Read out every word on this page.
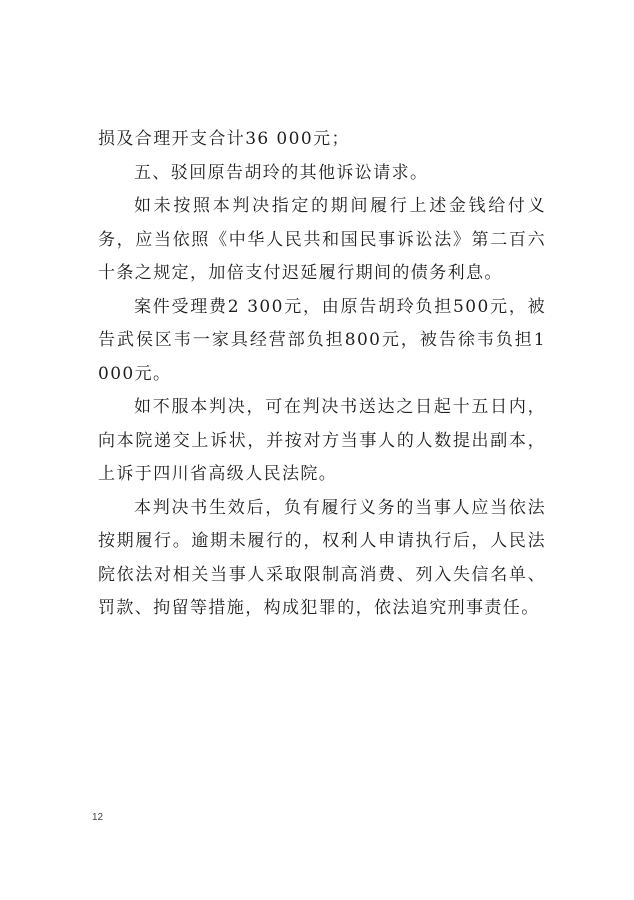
损及合理开支合计36 000元；

五、驳回原告胡玲的其他诉讼请求。

如未按照本判决指定的期间履行上述金钱给付义务，应当依照《中华人民共和国民事诉讼法》第二百六十条之规定，加倍支付迟延履行期间的债务利息。

案件受理费2 300元，由原告胡玲负担500元，被告武侯区韦一家具经营部负担800元，被告徐韦负担1 000元。

如不服本判决，可在判决书送达之日起十五日内，向本院递交上诉状，并按对方当事人的人数提出副本，上诉于四川省高级人民法院。

本判决书生效后，负有履行义务的当事人应当依法按期履行。逾期未履行的，权利人申请执行后，人民法院依法对相关当事人采取限制高消费、列入失信名单、罚款、拘留等措施，构成犯罪的，依法追究刑事责任。

12
